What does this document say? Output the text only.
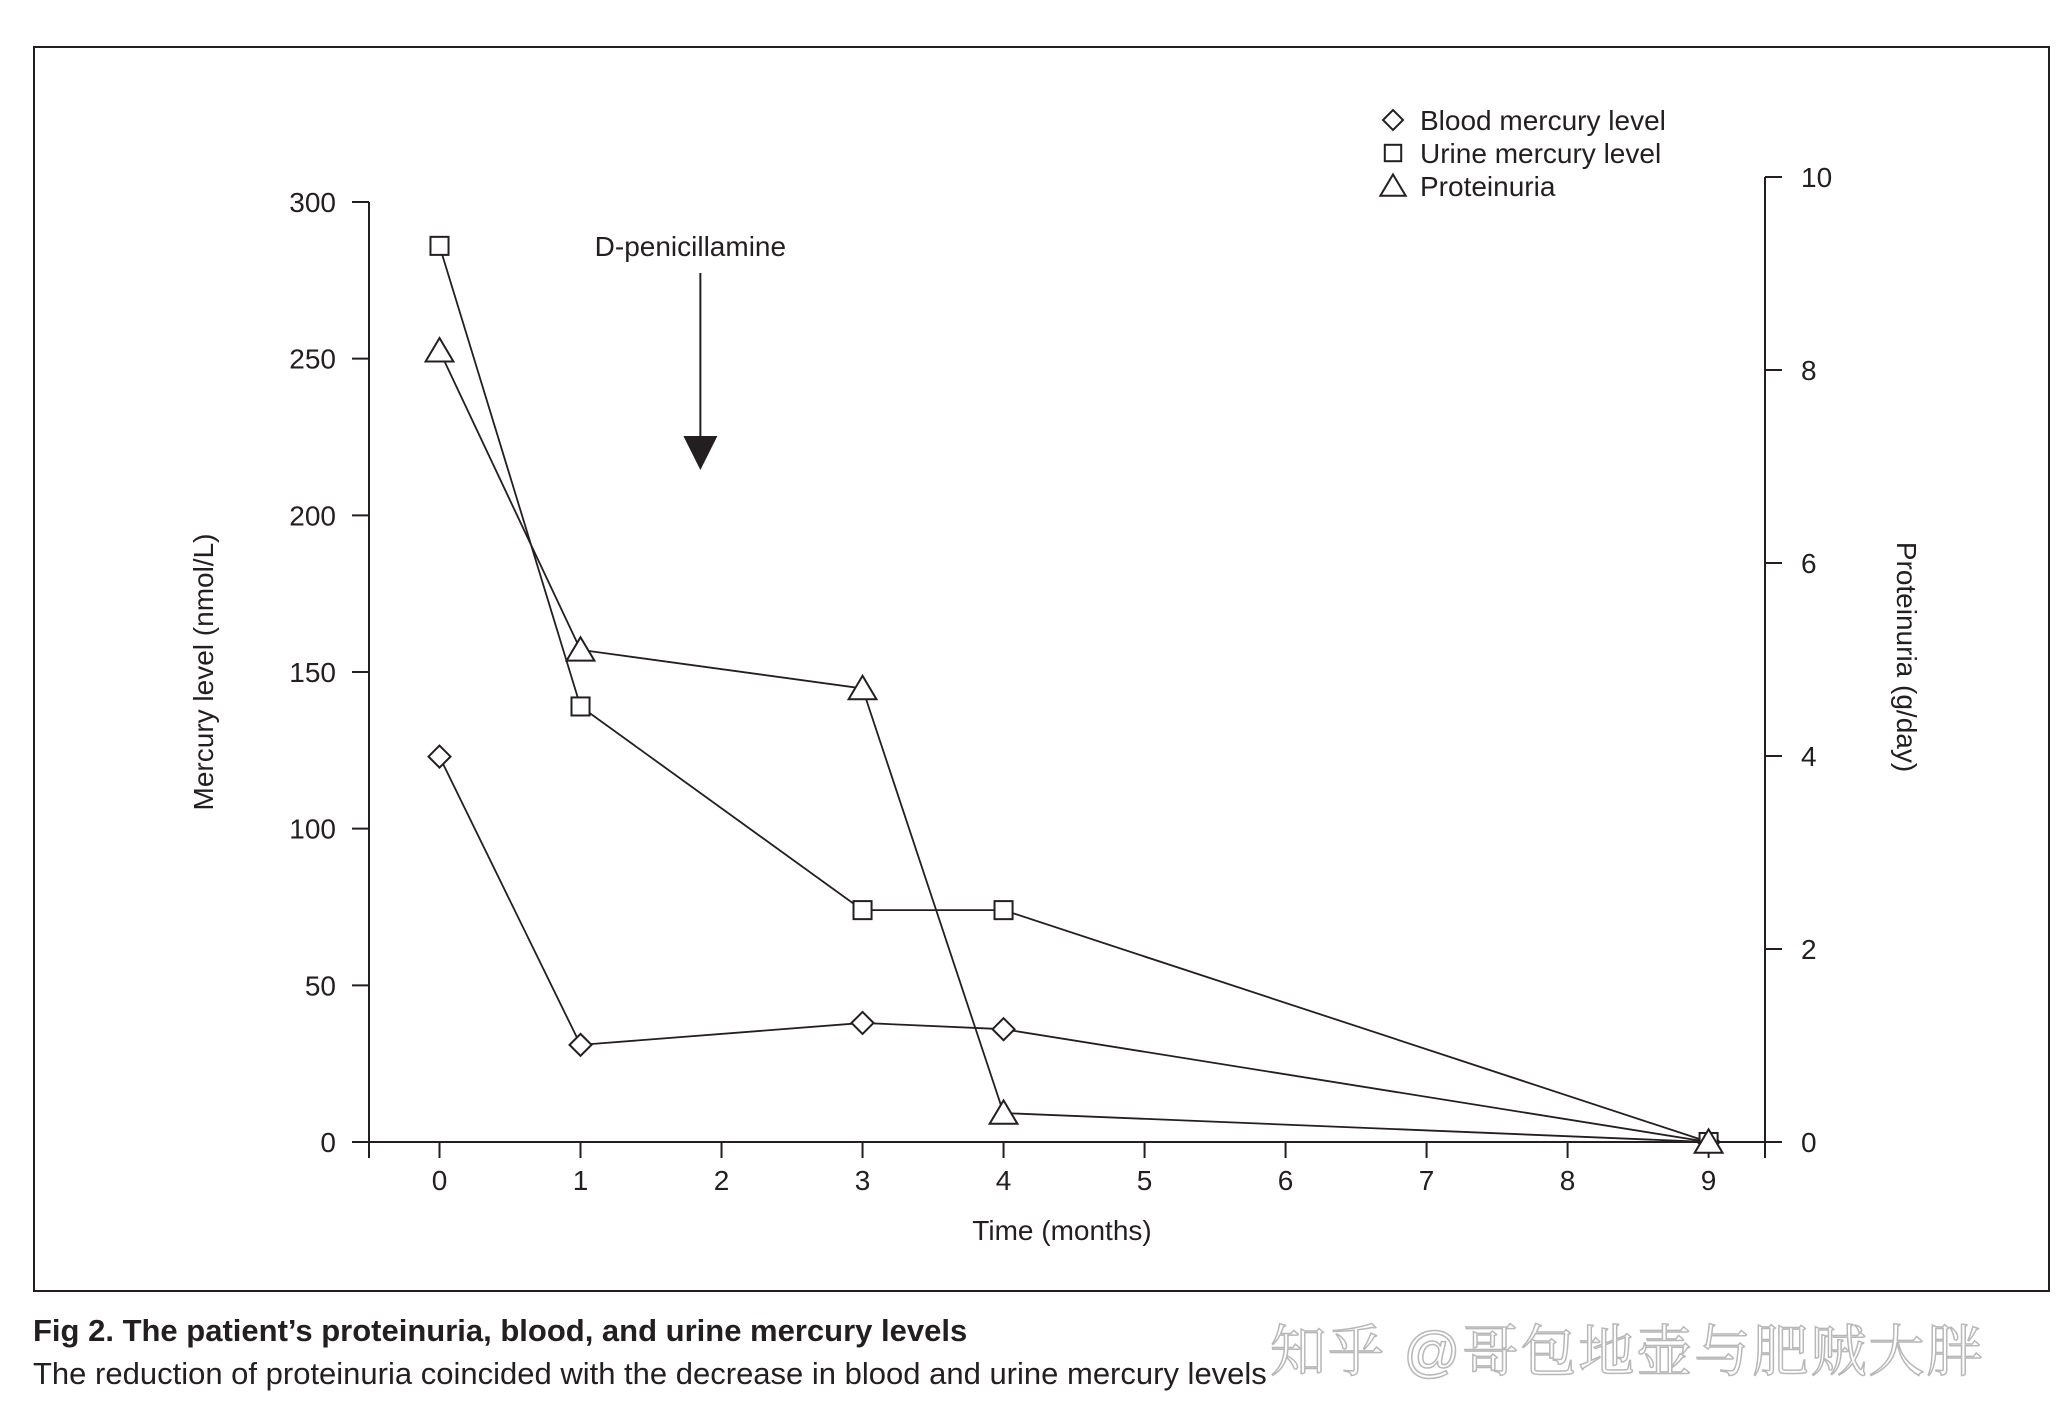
0
50
100
150
200
250
300
0
2
4
6
8
10
0	1	2	3	4	5	6	7	8	9
Time (months)
Mercury level (nmol/L)	Proteinuria (g/day)
Blood mercury level
Urine mercury level
Proteinuria
D-penicillamine
Fig 2. The patient’s proteinuria, blood, and urine mercury levels
The reduction of proteinuria coincided with the decrease in blood and urine mercury levels 知乎 @哥包地壶与肥贼大胖
